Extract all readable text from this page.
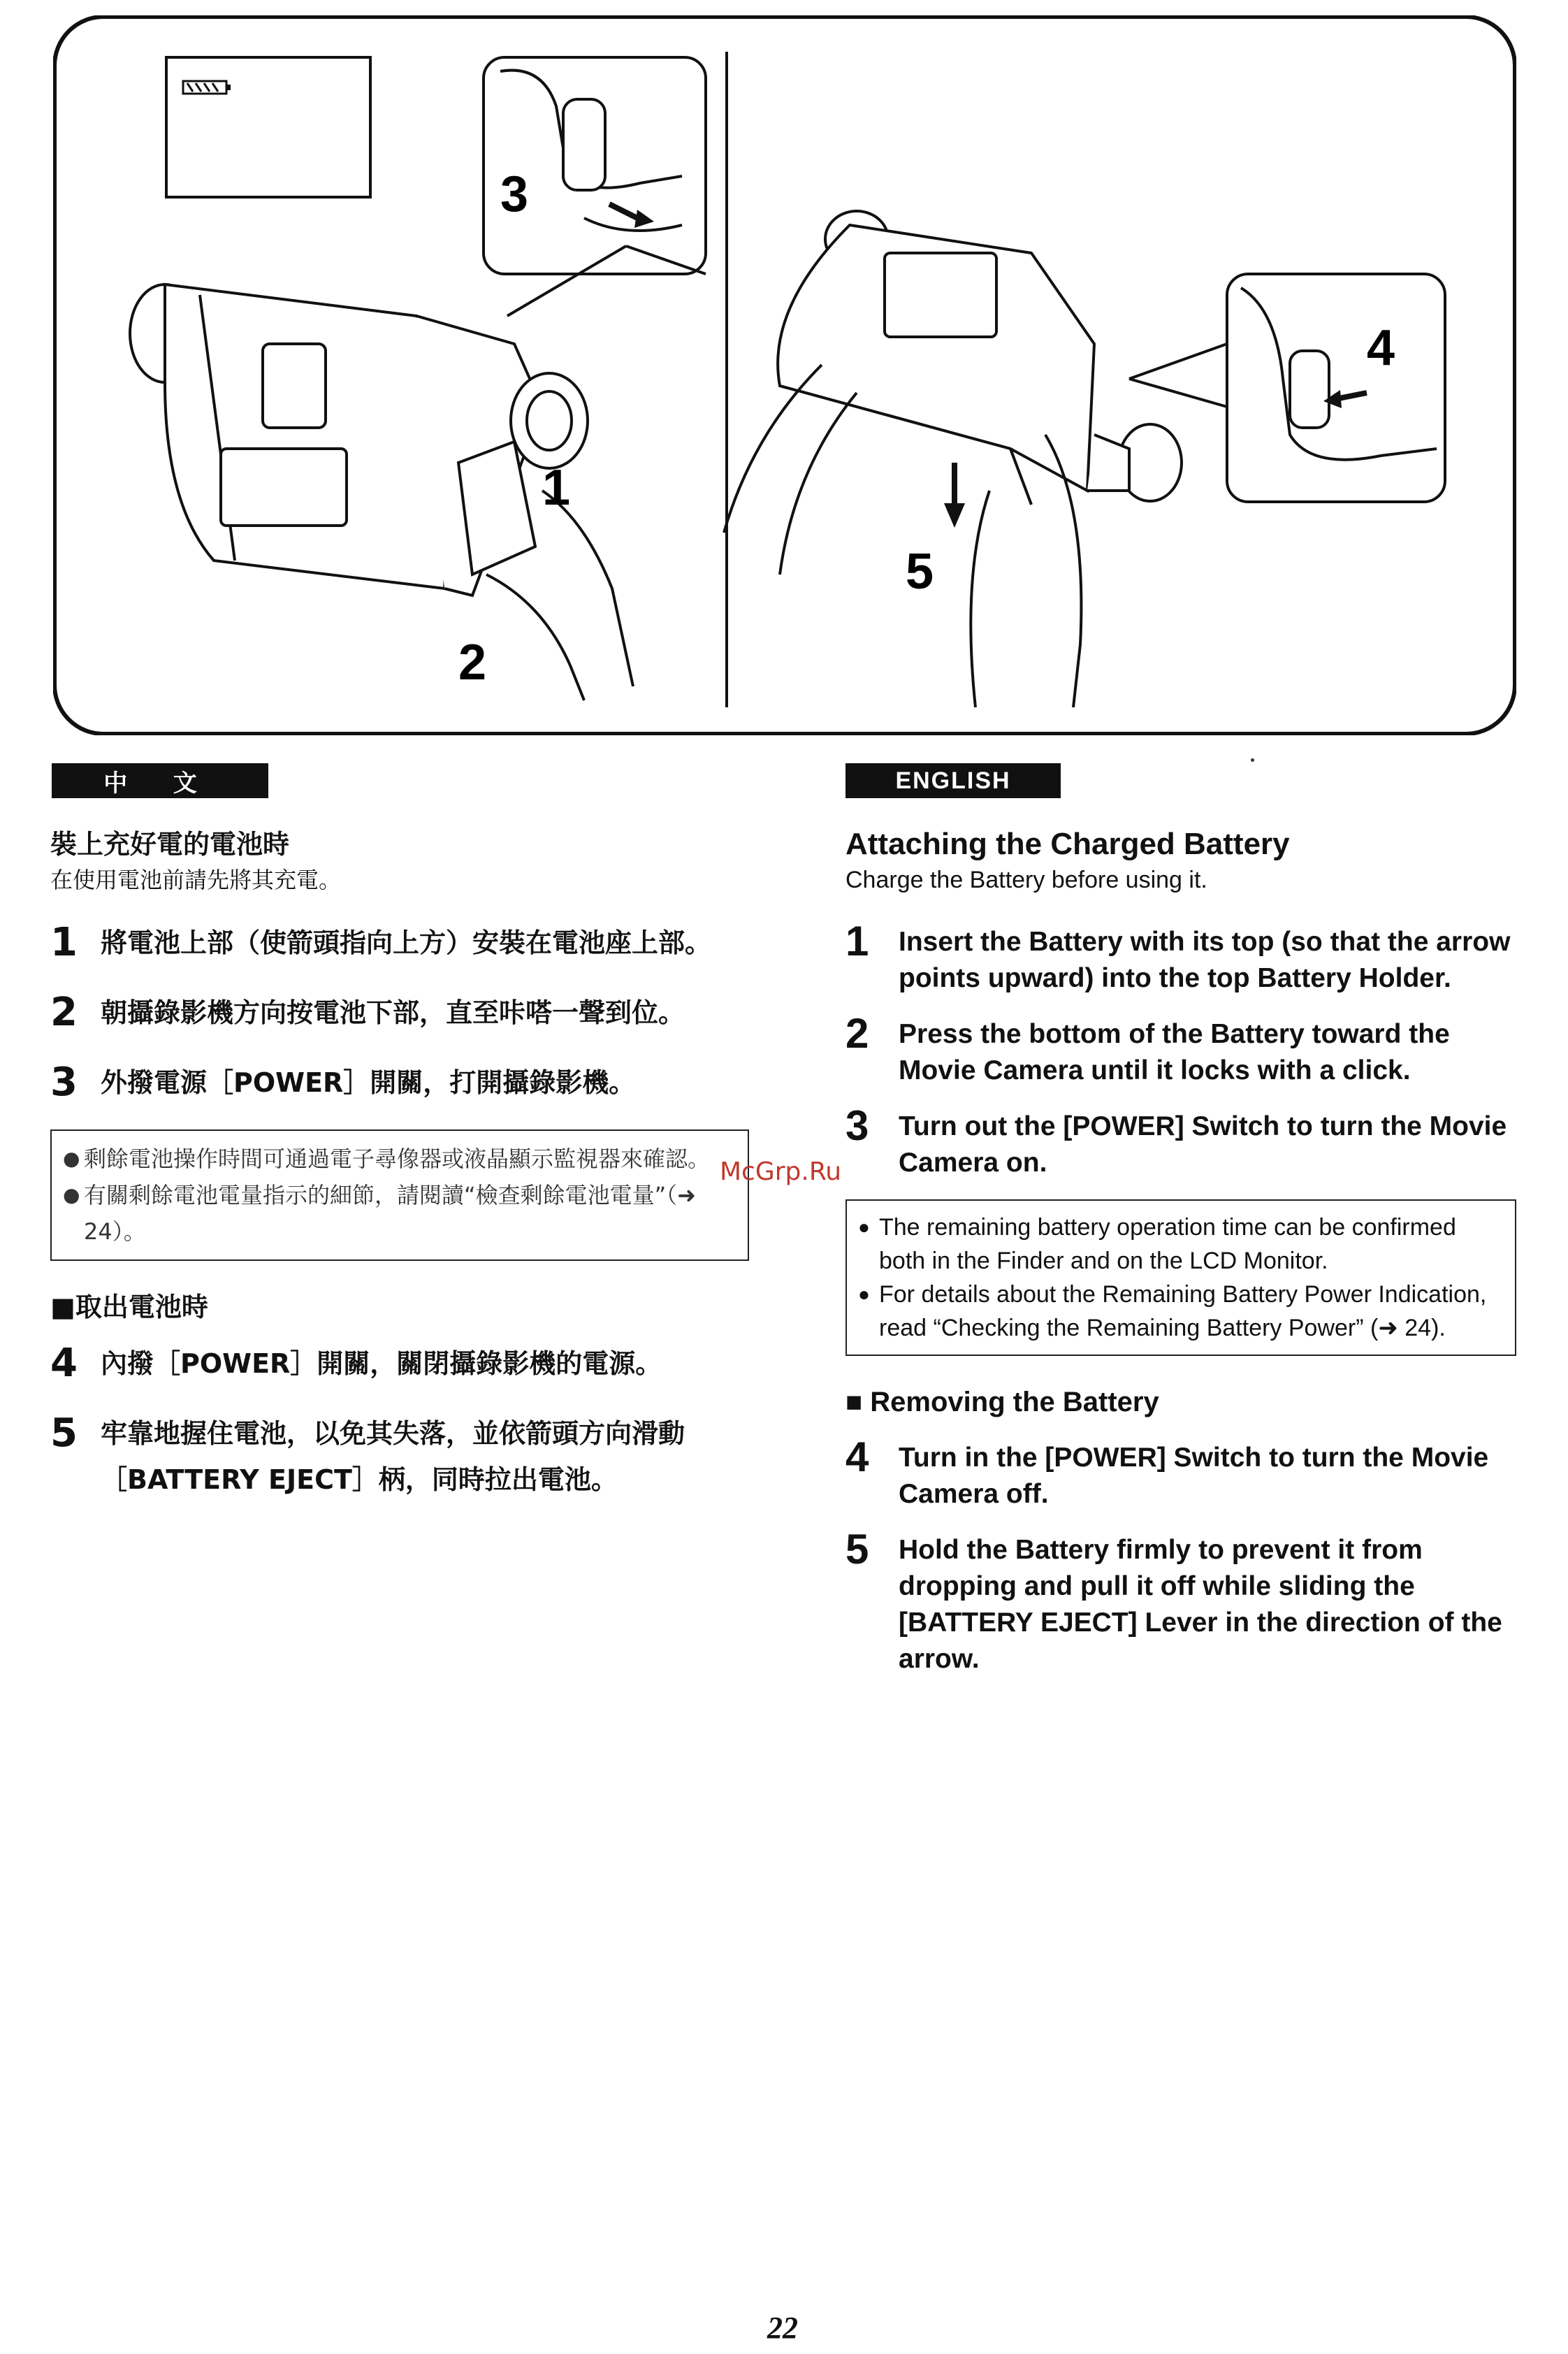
3
1
2
4
5
中 文	ENGLISH

裝上充好電的電池時

在使用電池前請先將其充電。

1 將電池上部（使箭頭指向上方）安裝在電池座上部。
2 朝攝錄影機方向按電池下部，直至咔嗒一聲到位。
3 外撥電源［POWER］開關，打開攝錄影機。
● 剩餘電池操作時間可通過電子尋像器或液晶顯示監視器來確認。
● 有關剩餘電池電量指示的細節，請閱讀“檢查剩餘電池電量”（➜ 24）。
■取出電池時
4 內撥［POWER］開關，關閉攝錄影機的電源。
5 牢靠地握住電池，以免其失落，並依箭頭方向滑動［BATTERY EJECT］柄，同時拉出電池。

Attaching the Charged Battery

Charge the Battery before using it.

1	Insert the Battery with its top (so that the arrow points upward) into the top Battery Holder.
2	Press the bottom of the Battery toward the Movie Camera until it locks with a click.
3	Turn out the [POWER] Switch to turn the Movie Camera on.
● The remaining battery operation time can be confirmed both in the Finder and on the LCD Monitor.
● For details about the Remaining Battery Power Indication, read “Checking the Remaining Battery Power” (➜ 24).
■ Removing the Battery
4	Turn in the [POWER] Switch to turn the Movie Camera off.
5	Hold the Battery firmly to prevent it from dropping and pull it off while sliding the [BATTERY EJECT] Lever in the direction of the arrow.
McGrp.Ru
22
